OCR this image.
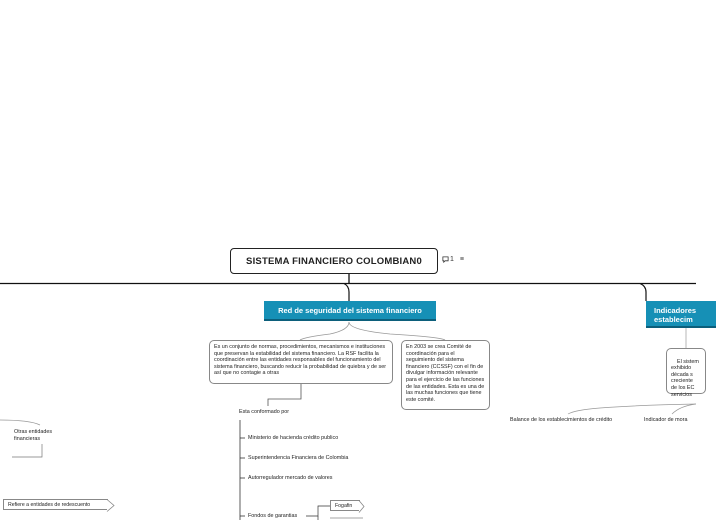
SISTEMA FINANCIERO COLOMBIAN0	1 ≡
Red de seguridad del sistema financiero
Es un conjunto de normas, procedimientos, mecanismos e instituciones que preservan la estabilidad del sistema financiero. La RSF facilita la coordinación entre las entidades responsables del funcionamiento del sistema financiero, buscando reducir la probabilidad de quiebra y de ser así que no contagie a otras
En 2003 se crea Comité de coordinación para el seguimiento del sistema financiero (CCSSF) con el fin de divulgar información relevante para el ejercicio de las funciones de las entidades. Esta es una de las muchas funciones que tiene este comité.
Esta conformado por
Ministerio de hacienda crédito publico
Superintendencia Financiera de Colombia
Autorregulador mercado de valores
Fondos de garantias
Fogafin
Otras entidades
financieras
Refiere a entidades de redescuento
Indicadores
establecim

El sistem
exhibido
década s
creciente
de los EC
servicios

Balance de los establecimientos de crédito	Indicador de mora
